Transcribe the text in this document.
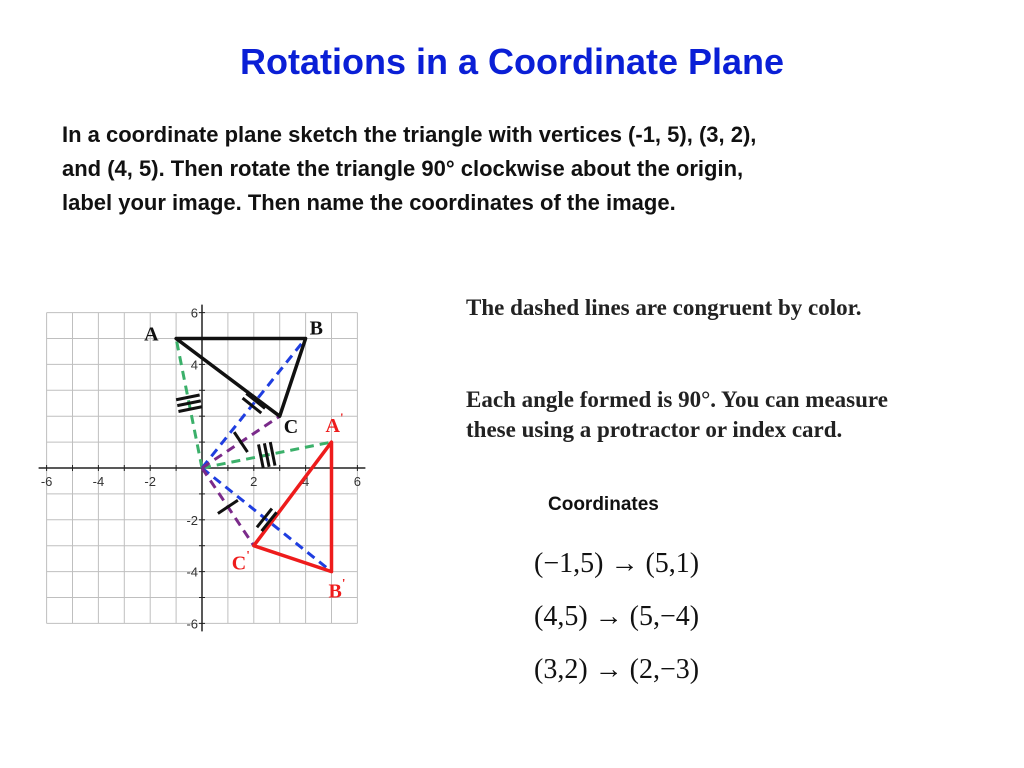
Rotations in a Coordinate Plane
In a coordinate plane sketch the triangle with vertices (-1, 5), (3, 2),
and (4, 5). Then rotate the triangle 90° clockwise about the origin,
label your image. Then name the coordinates of the image.
-6	-4	-2	2	4	6
6
4
-2
-4
-6
A	B
C A'
B'
C'
The dashed lines are congruent by color.
Each angle formed is 90°. You can measure
these using a protractor or index card.
Coordinates
(−1,5) → (5,1)
(4,5) → (5,−4)
(3,2) → (2,−3)
